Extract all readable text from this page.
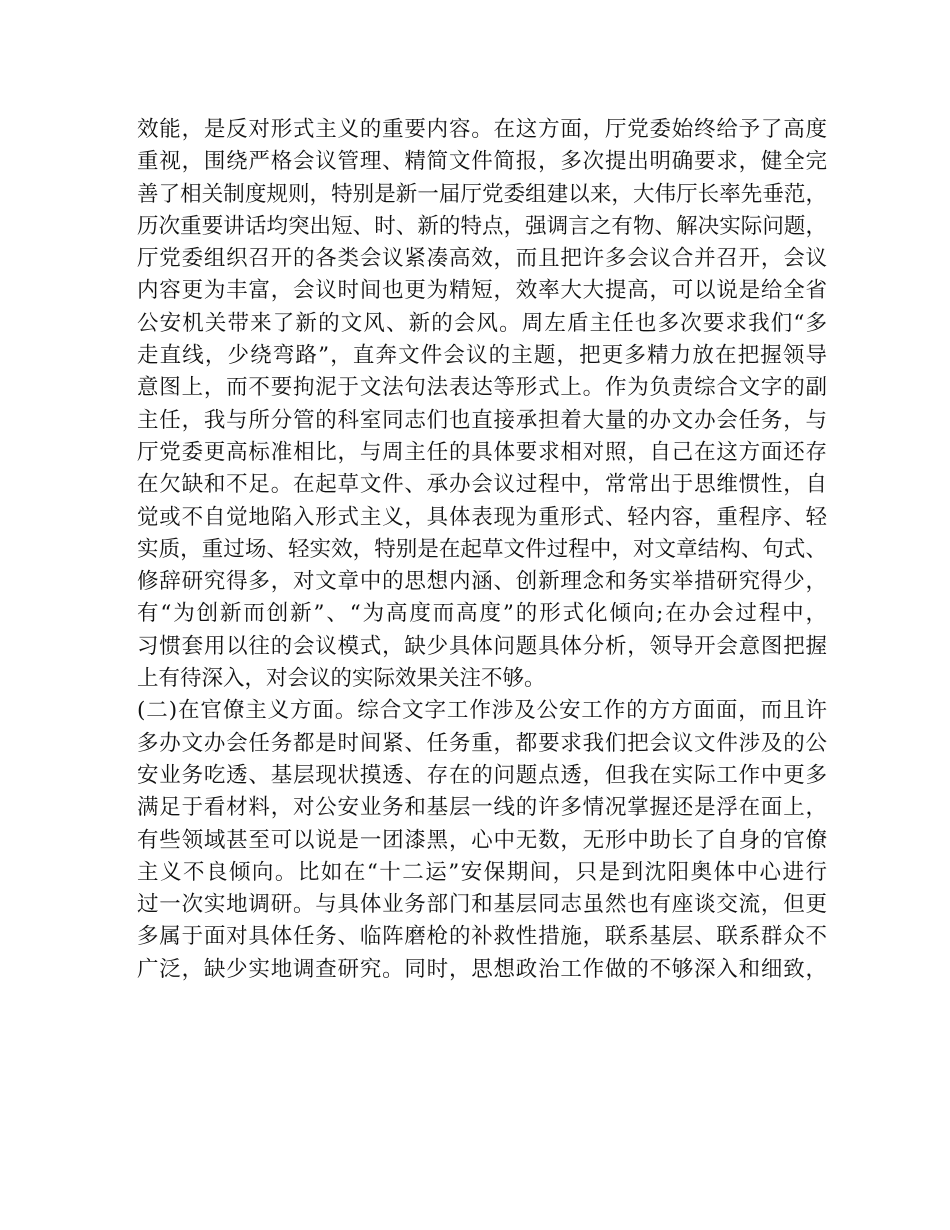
效能，是反对形式主义的重要内容。在这方面，厅党委始终给予了高度
重视，围绕严格会议管理、精简文件简报，多次提出明确要求，健全完
善了相关制度规则，特别是新一届厅党委组建以来，大伟厅长率先垂范，
历次重要讲话均突出短、时、新的特点，强调言之有物、解决实际问题，
厅党委组织召开的各类会议紧凑高效，而且把许多会议合并召开，会议
内容更为丰富，会议时间也更为精短，效率大大提高，可以说是给全省
公安机关带来了新的文风、新的会风。周左盾主任也多次要求我们“多
走直线，少绕弯路”，直奔文件会议的主题，把更多精力放在把握领导
意图上，而不要拘泥于文法句法表达等形式上。作为负责综合文字的副
主任，我与所分管的科室同志们也直接承担着大量的办文办会任务，与
厅党委更高标准相比，与周主任的具体要求相对照，自己在这方面还存
在欠缺和不足。在起草文件、承办会议过程中，常常出于思维惯性，自
觉或不自觉地陷入形式主义，具体表现为重形式、轻内容，重程序、轻
实质，重过场、轻实效，特别是在起草文件过程中，对文章结构、句式、
修辞研究得多，对文章中的思想内涵、创新理念和务实举措研究得少，
有“为创新而创新”、“为高度而高度”的形式化倾向;在办会过程中，
习惯套用以往的会议模式，缺少具体问题具体分析，领导开会意图把握
上有待深入，对会议的实际效果关注不够。
(二)在官僚主义方面。综合文字工作涉及公安工作的方方面面，而且许
多办文办会任务都是时间紧、任务重，都要求我们把会议文件涉及的公
安业务吃透、基层现状摸透、存在的问题点透，但我在实际工作中更多
满足于看材料，对公安业务和基层一线的许多情况掌握还是浮在面上，
有些领域甚至可以说是一团漆黑，心中无数，无形中助长了自身的官僚
主义不良倾向。比如在“十二运”安保期间，只是到沈阳奥体中心进行
过一次实地调研。与具体业务部门和基层同志虽然也有座谈交流，但更
多属于面对具体任务、临阵磨枪的补救性措施，联系基层、联系群众不
广泛，缺少实地调查研究。同时，思想政治工作做的不够深入和细致，
